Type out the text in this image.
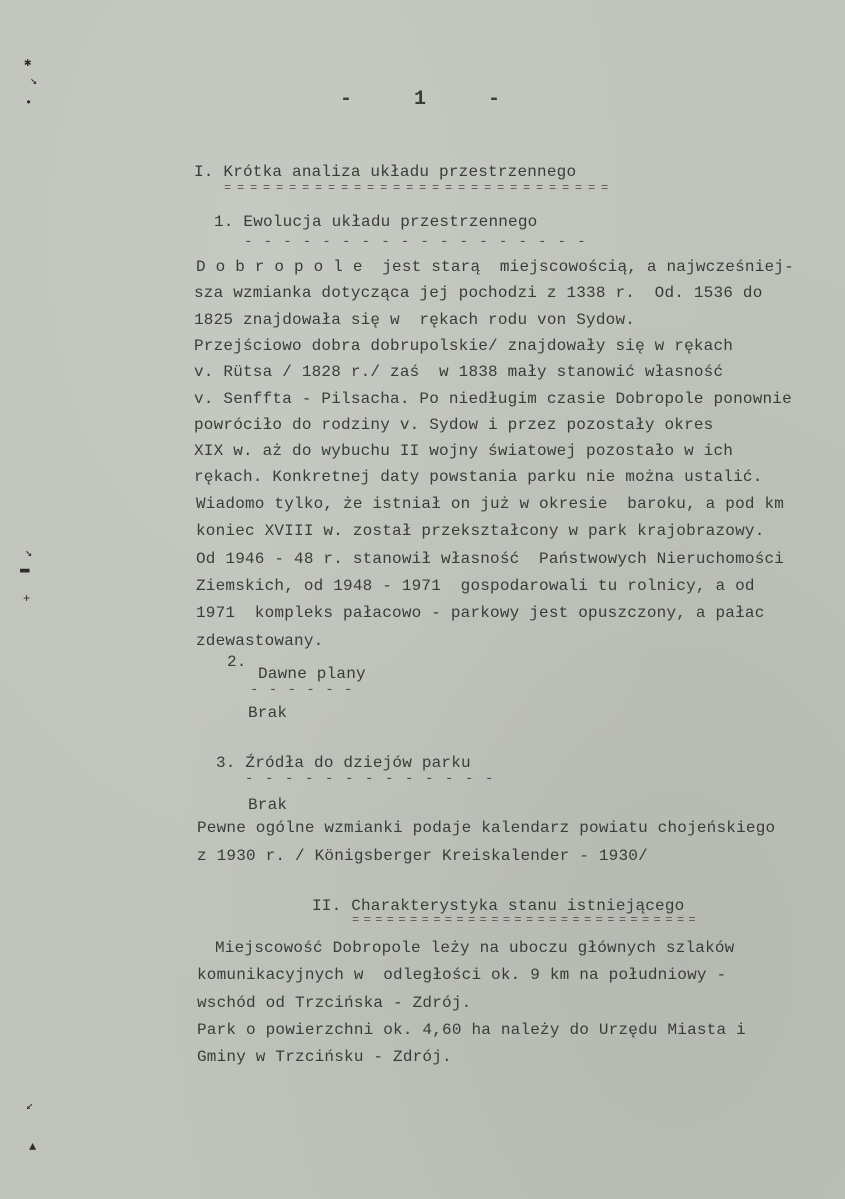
✱
↘
•
↘
▬
+
↙
▲
- 1 -
I. Krótka analiza układu przestrzennego
==============================
1. Ewolucja układu przestrzennego
- - - - - - - - - - - - - - - - - -
D o b r o p o l e  jest starą  miejscowością, a najwcześniej-
sza wzmianka dotycząca jej pochodzi z 1338 r.  Od. 1536 do
1825 znajdowała się w  rękach rodu von Sydow.
Przejściowo dobra dobrupolskie/ znajdowały się w rękach
v. Rütsa / 1828 r./ zaś  w 1838 mały stanowić własność
v. Senffta - Pilsacha. Po niedługim czasie Dobropole ponownie
powróciło do rodziny v. Sydow i przez pozostały okres
XIX w. aż do wybuchu II wojny światowej pozostało w ich
rękach. Konkretnej daty powstania parku nie można ustalić.
Wiadomo tylko, że istniał on już w okresie  baroku, a pod km
koniec XVIII w. został przekształcony w park krajobrazowy.
Od 1946 - 48 r. stanowił własność  Państwowych Nieruchomości
Ziemskich, od 1948 - 1971  gospodarowali tu rolnicy, a od
1971  kompleks pałacowo - parkowy jest opuszczony, a pałac
zdewastowany.
2.
Dawne plany
- - - - - -
Brak
3. Źródła do dziejów parku
- - - - - - - - - - - - -
Brak
Pewne ogólne wzmianki podaje kalendarz powiatu chojeńskiego
z 1930 r. / Königsberger Kreiskalender - 1930/
II. Charakterystyka stanu istniejącego
==============================
Miejscowość Dobropole leży na uboczu głównych szlaków
komunikacyjnych w  odległości ok. 9 km na południowy -
wschód od Trzcińska - Zdrój.
Park o powierzchni ok. 4,60 ha należy do Urzędu Miasta i
Gminy w Trzcińsku - Zdrój.
